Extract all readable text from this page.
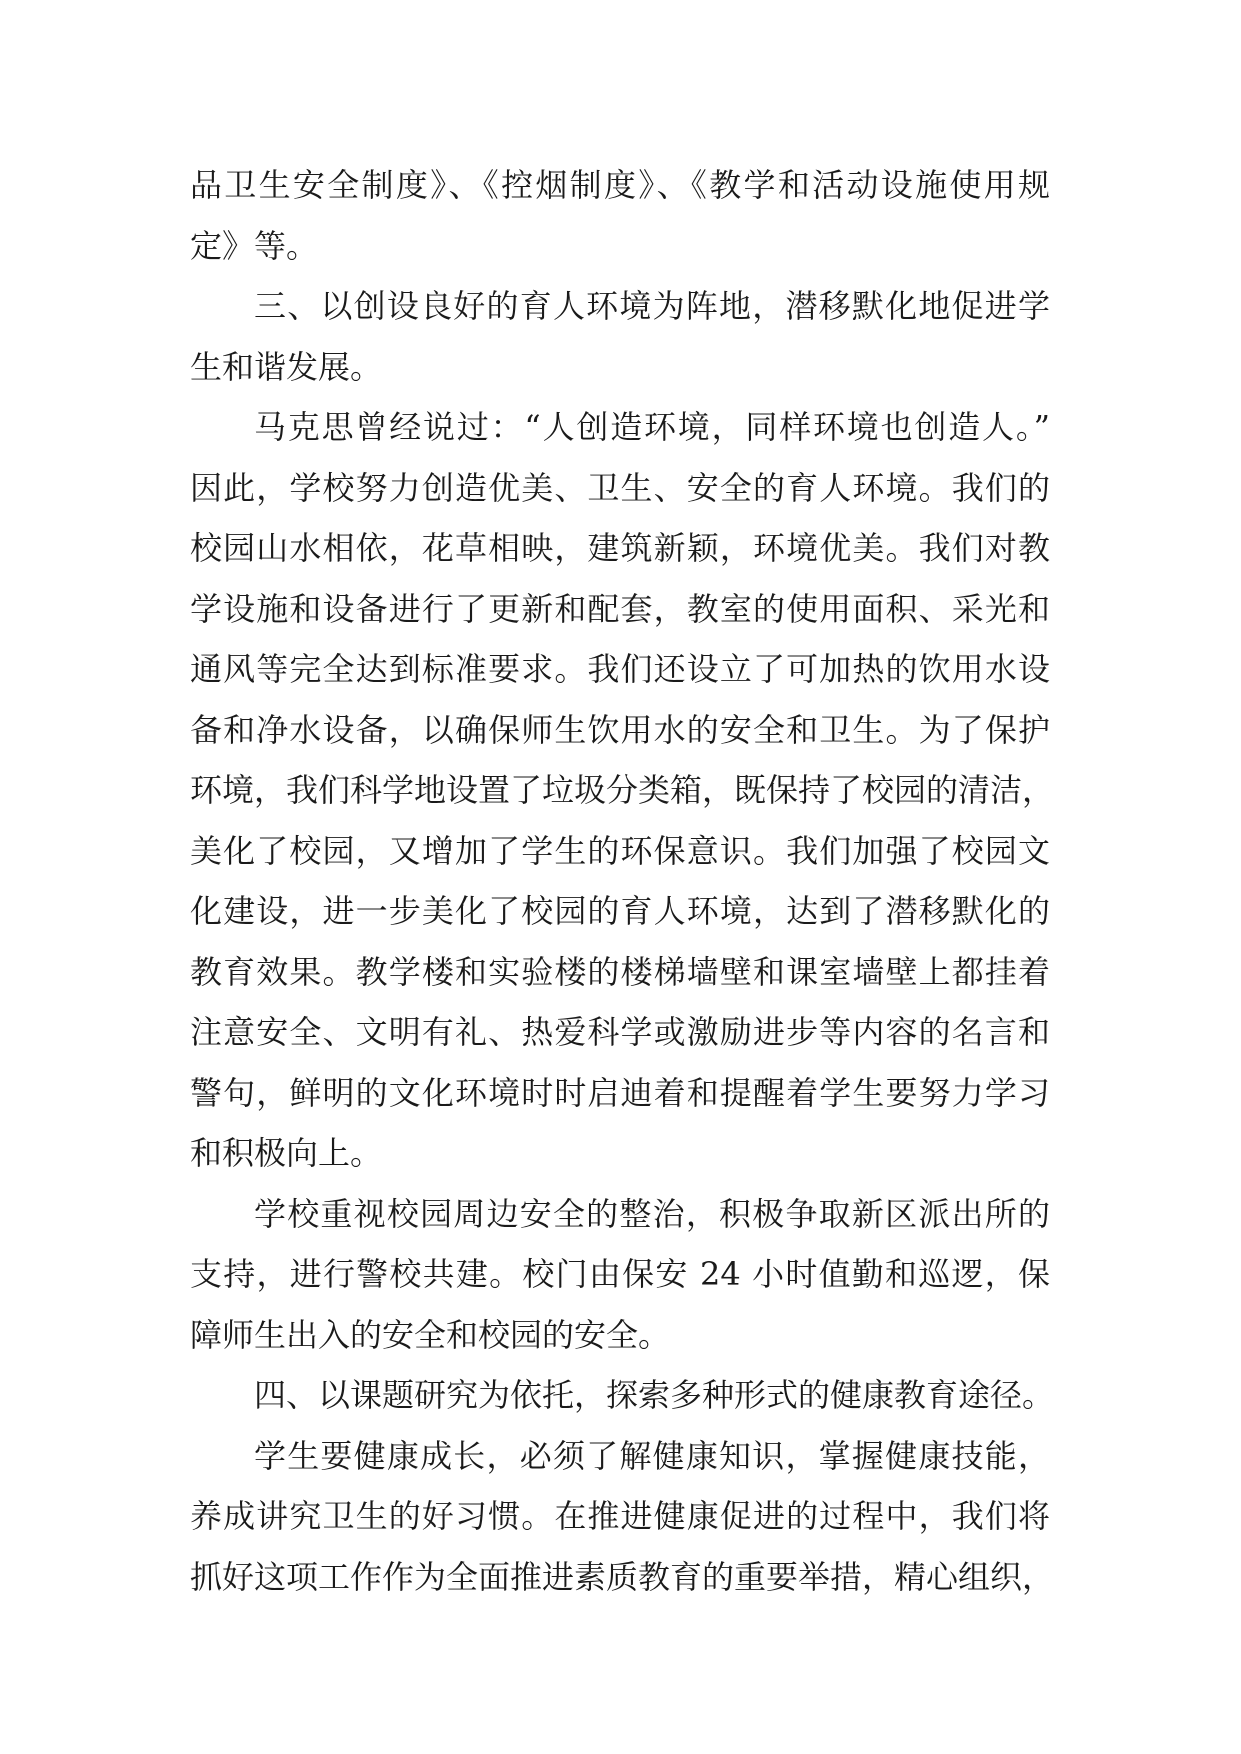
品卫生安全制度》、《控烟制度》、《教学和活动设施使用规
定》等。
三、以创设良好的育人环境为阵地，潜移默化地促进学
生和谐发展。
马克思曾经说过：“人创造环境，同样环境也创造人。”
因此，学校努力创造优美、卫生、安全的育人环境。我们的
校园山水相依，花草相映，建筑新颖，环境优美。我们对教
学设施和设备进行了更新和配套，教室的使用面积、采光和
通风等完全达到标准要求。我们还设立了可加热的饮用水设
备和净水设备，以确保师生饮用水的安全和卫生。为了保护
环境，我们科学地设置了垃圾分类箱，既保持了校园的清洁，
美化了校园，又增加了学生的环保意识。我们加强了校园文
化建设，进一步美化了校园的育人环境，达到了潜移默化的
教育效果。教学楼和实验楼的楼梯墙壁和课室墙壁上都挂着
注意安全、文明有礼、热爱科学或激励进步等内容的名言和
警句，鲜明的文化环境时时启迪着和提醒着学生要努力学习
和积极向上。
学校重视校园周边安全的整治，积极争取新区派出所的
支持，进行警校共建。校门由保安 24 小时值勤和巡逻，保
障师生出入的安全和校园的安全。
四、以课题研究为依托，探索多种形式的健康教育途径。
学生要健康成长，必须了解健康知识，掌握健康技能，
养成讲究卫生的好习惯。在推进健康促进的过程中，我们将
抓好这项工作作为全面推进素质教育的重要举措，精心组织，
